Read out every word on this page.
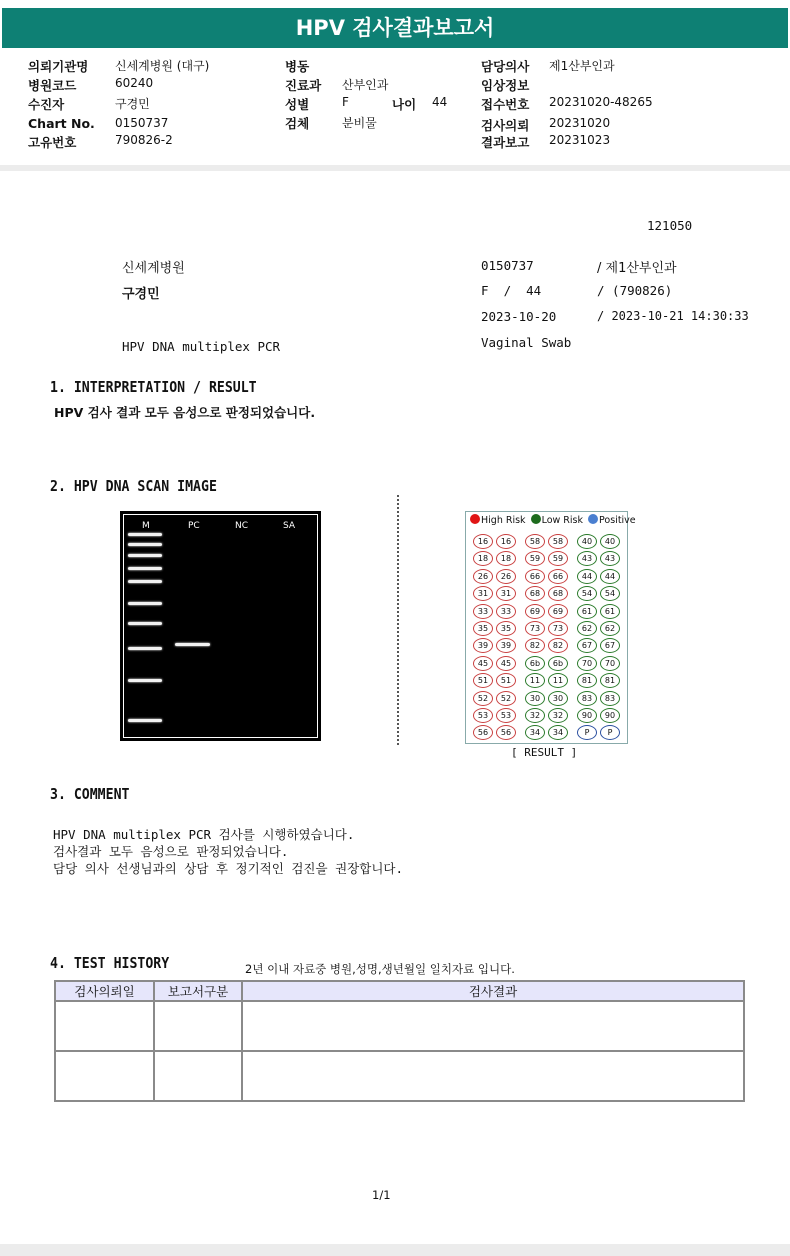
HPV 검사결과보고서
의뢰기관명 신세계병원 (대구)
병원코드	60240
수진자	구경민
Chart No. 0150737
고유번호	790826-2
병동
진료과 산부인과
성별	F
검체	분비물
나이 44
담당의사 제1산부인과
임상정보
접수번호 20231020-48265
검사의뢰 20231020
결과보고 20231023
121050
신세계병원
구경민
HPV DNA multiplex PCR
0150737	/ 제1산부인과
F  /  44	/ (790826)
2023-10-20	/ 2023-10-21 14:30:33
Vaginal Swab
1. INTERPRETATION / RESULT
HPV 검사 결과 모두 음성으로 판정되었습니다.
2. HPV DNA SCAN IMAGE
M	PC	NC	SA	High Risk Low Risk Positive
16	16	58	58	40	40
18	18	59	59	43	43
26	26	66	66	44	44
31	31	68	68	54	54
33	33	69	69	61	61
35	35	73	73	62	62
39	39	82	82	67	67
45	45	6b	6b	70	70
51	51	11	11	81	81
52	52	30	30	83	83
53	53	32	32	90	90
56	56	34	34	P	P
[ RESULT ]
3. COMMENT
HPV DNA multiplex PCR 검사를 시행하였습니다.
검사결과 모두 음성으로 판정되었습니다.
담당 의사 선생님과의 상담 후 정기적인 검진을 권장합니다.
4. TEST HISTORY	2년 이내 자료중 병원,성명,생년월일 일치자료 입니다.
검사의뢰일	보고서구분	검사결과

1/1
